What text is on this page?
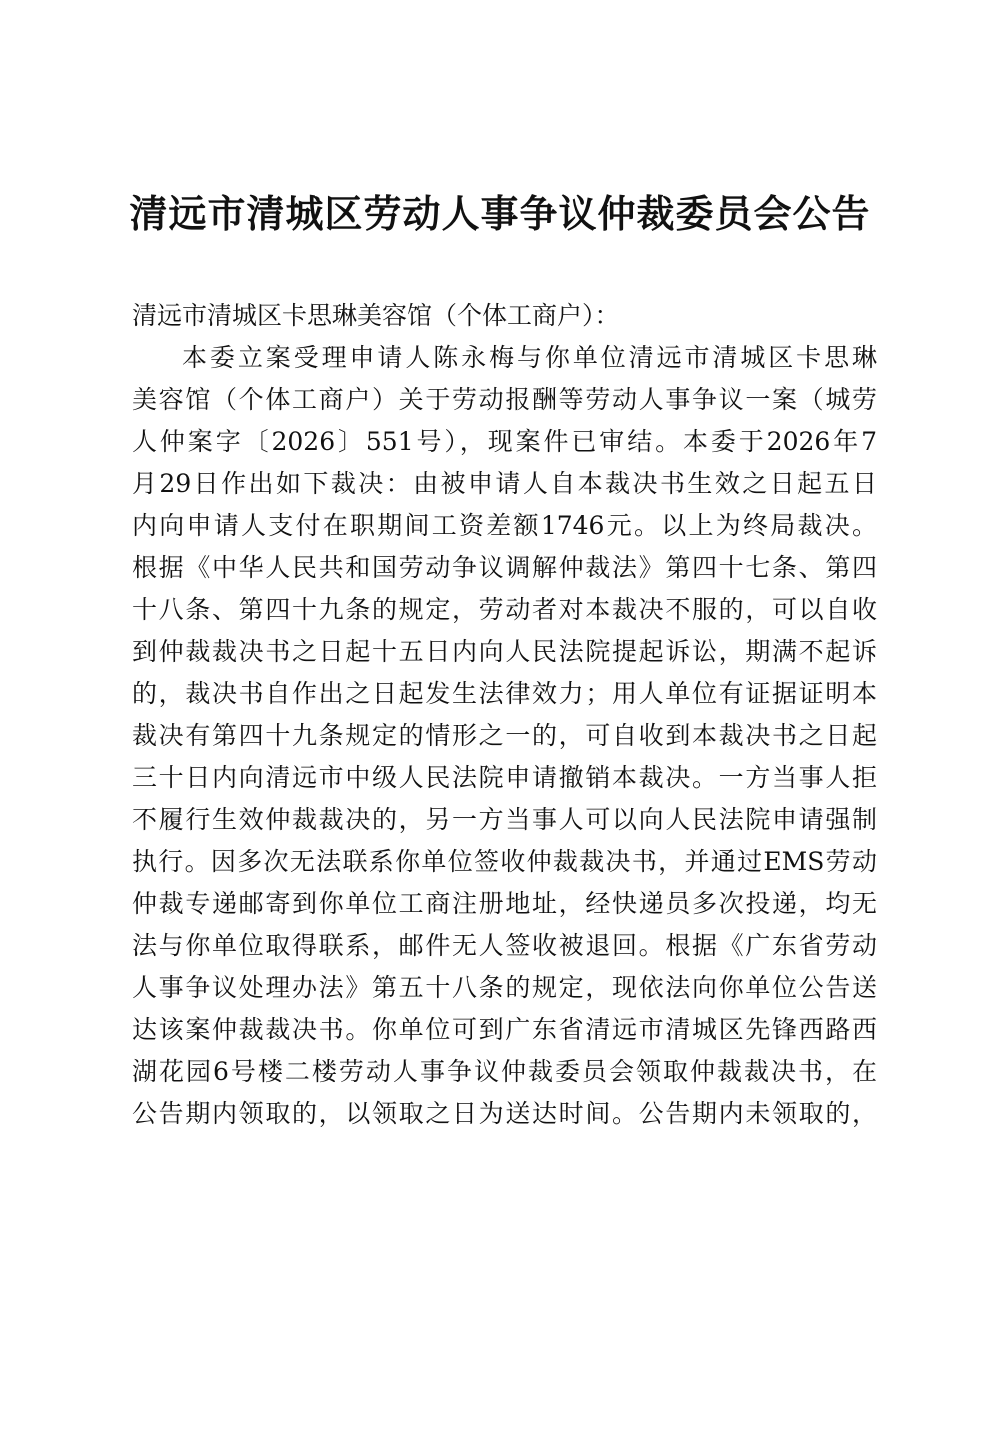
清远市清城区劳动人事争议仲裁委员会公告
清远市清城区卡思琳美容馆（个体工商户）：
本委立案受理申请人陈永梅与你单位清远市清城区卡思琳
美容馆（个体工商户）关于劳动报酬等劳动人事争议一案（城劳
人仲案字〔2026〕551号），现案件已审结。本委于2026年7
月29日作出如下裁决：由被申请人自本裁决书生效之日起五日
内向申请人支付在职期间工资差额1746元。以上为终局裁决。
根据《中华人民共和国劳动争议调解仲裁法》第四十七条、第四
十八条、第四十九条的规定，劳动者对本裁决不服的，可以自收
到仲裁裁决书之日起十五日内向人民法院提起诉讼，期满不起诉
的，裁决书自作出之日起发生法律效力；用人单位有证据证明本
裁决有第四十九条规定的情形之一的，可自收到本裁决书之日起
三十日内向清远市中级人民法院申请撤销本裁决。一方当事人拒
不履行生效仲裁裁决的，另一方当事人可以向人民法院申请强制
执行。因多次无法联系你单位签收仲裁裁决书，并通过EMS劳动
仲裁专递邮寄到你单位工商注册地址，经快递员多次投递，均无
法与你单位取得联系，邮件无人签收被退回。根据《广东省劳动
人事争议处理办法》第五十八条的规定，现依法向你单位公告送
达该案仲裁裁决书。你单位可到广东省清远市清城区先锋西路西
湖花园6号楼二楼劳动人事争议仲裁委员会领取仲裁裁决书，在
公告期内领取的，以领取之日为送达时间。公告期内未领取的，
